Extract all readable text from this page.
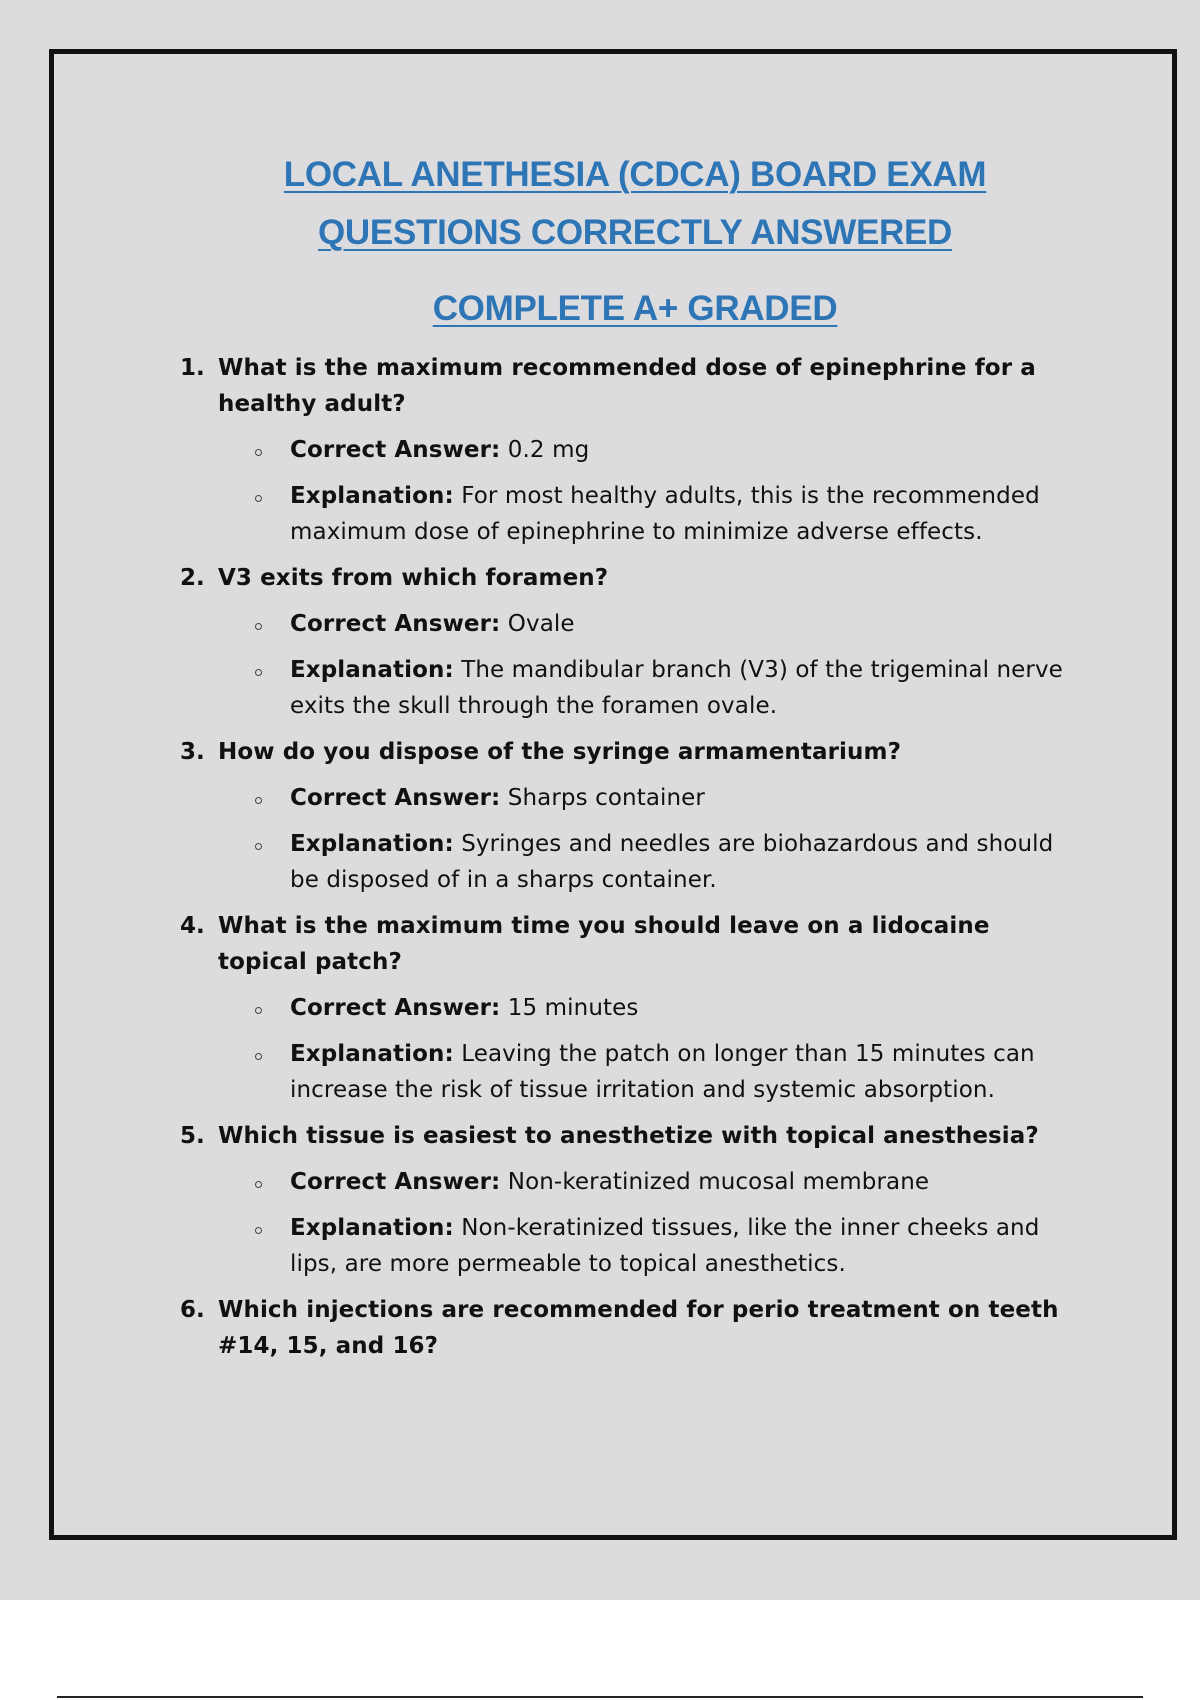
LOCAL ANETHESIA (CDCA) BOARD EXAM
QUESTIONS CORRECTLY ANSWERED
COMPLETE A+ GRADED
1. What is the maximum recommended dose of epinephrine for a healthy adult?
Correct Answer: 0.2 mg
Explanation: For most healthy adults, this is the recommended maximum dose of epinephrine to minimize adverse effects.
2. V3 exits from which foramen?
Correct Answer: Ovale
Explanation: The mandibular branch (V3) of the trigeminal nerve exits the skull through the foramen ovale.
3. How do you dispose of the syringe armamentarium?
Correct Answer: Sharps container
Explanation: Syringes and needles are biohazardous and should be disposed of in a sharps container.
4. What is the maximum time you should leave on a lidocaine topical patch?
Correct Answer: 15 minutes
Explanation: Leaving the patch on longer than 15 minutes can increase the risk of tissue irritation and systemic absorption.
5. Which tissue is easiest to anesthetize with topical anesthesia?
Correct Answer: Non-keratinized mucosal membrane
Explanation: Non-keratinized tissues, like the inner cheeks and lips, are more permeable to topical anesthetics.
6. Which injections are recommended for perio treatment on teeth #14, 15, and 16?
